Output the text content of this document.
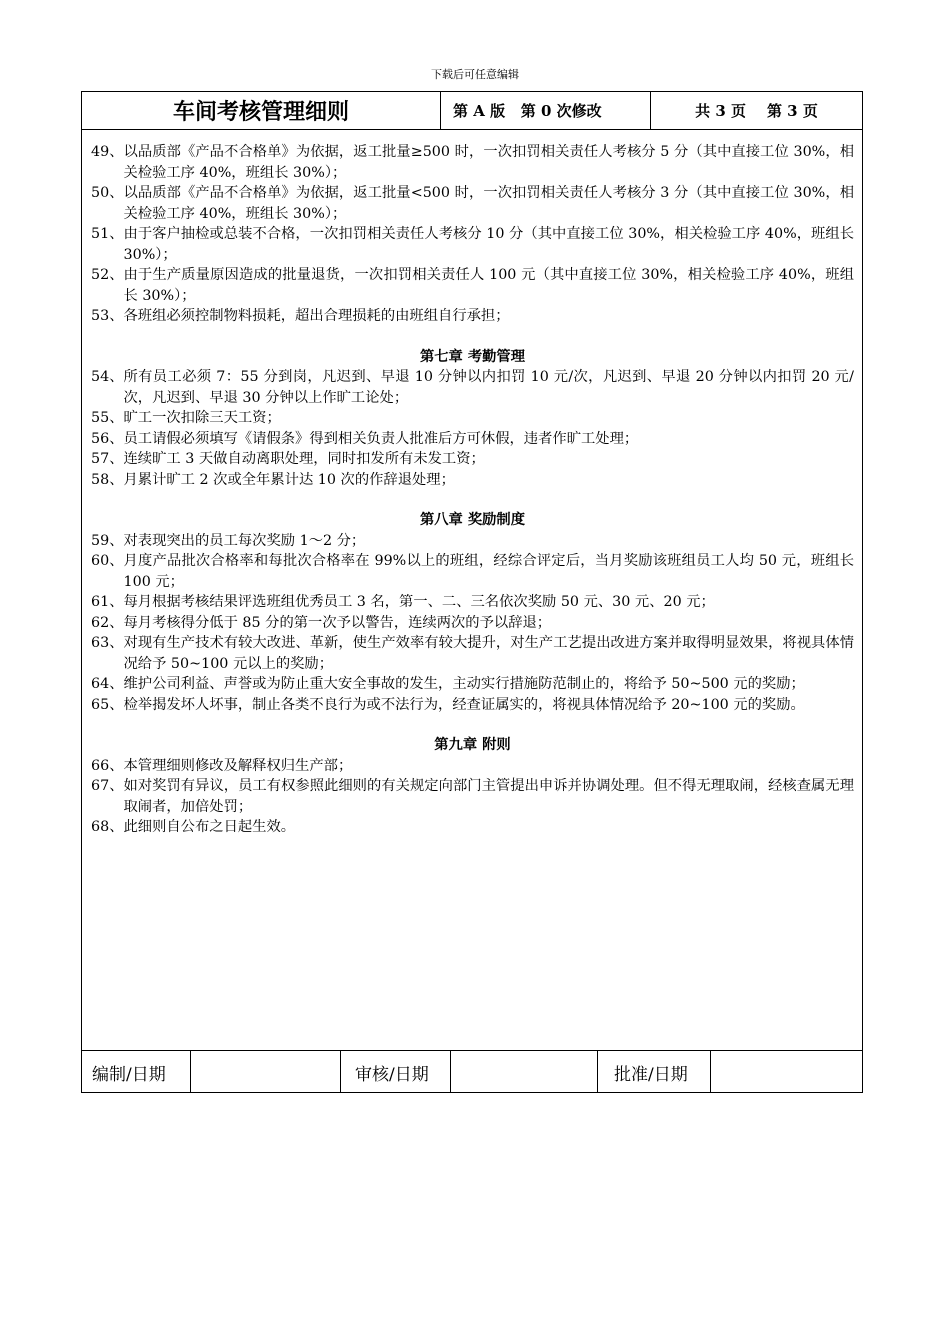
下载后可任意编辑
车间考核管理细则	第 A 版   第 0 次修改	共 3 页    第 3 页
49、 以品质部《产品不合格单》为依据，返工批量≥500 时，一次扣罚相关责任人考核分 5 分（其中直接工位 30%，相关检验工序 40%，班组长 30%）；
50、 以品质部《产品不合格单》为依据，返工批量<500 时，一次扣罚相关责任人考核分 3 分（其中直接工位 30%，相关检验工序 40%，班组长 30%）；
51、 由于客户抽检或总装不合格，一次扣罚相关责任人考核分 10 分（其中直接工位 30%，相关检验工序 40%，班组长 30%）；
52、 由于生产质量原因造成的批量退货，一次扣罚相关责任人 100 元（其中直接工位 30%，相关检验工序 40%，班组长 30%）；
53、 各班组必须控制物料损耗，超出合理损耗的由班组自行承担；
第七章 考勤管理
54、 所有员工必须 7：55 分到岗，凡迟到、早退 10 分钟以内扣罚 10 元/次，凡迟到、早退 20 分钟以内扣罚 20 元/次，凡迟到、早退 30 分钟以上作旷工论处；
55、 旷工一次扣除三天工资；
56、 员工请假必须填写《请假条》得到相关负责人批准后方可休假，违者作旷工处理；
57、 连续旷工 3 天做自动离职处理，同时扣发所有未发工资；
58、 月累计旷工 2 次或全年累计达 10 次的作辞退处理；
第八章 奖励制度
59、 对表现突出的员工每次奖励 1～2 分；
60、 月度产品批次合格率和每批次合格率在 99%以上的班组，经综合评定后，当月奖励该班组员工人均 50 元，班组长 100 元；
61、 每月根据考核结果评选班组优秀员工 3 名，第一、二、三名依次奖励 50 元、30 元、20 元；
62、 每月考核得分低于 85 分的第一次予以警告，连续两次的予以辞退；
63、 对现有生产技术有较大改进、革新，使生产效率有较大提升，对生产工艺提出改进方案并取得明显效果，将视具体情况给予 50~100 元以上的奖励；
64、 维护公司利益、声誉或为防止重大安全事故的发生，主动实行措施防范制止的，将给予 50~500 元的奖励；
65、 检举揭发坏人坏事，制止各类不良行为或不法行为，经查证属实的，将视具体情况给予 20~100 元的奖励。
第九章 附则
66、 本管理细则修改及解释权归生产部；
67、 如对奖罚有异议，员工有权参照此细则的有关规定向部门主管提出申诉并协调处理。但不得无理取闹，经核查属无理取闹者，加倍处罚；
68、 此细则自公布之日起生效。
编制/日期	审核/日期	批准/日期
